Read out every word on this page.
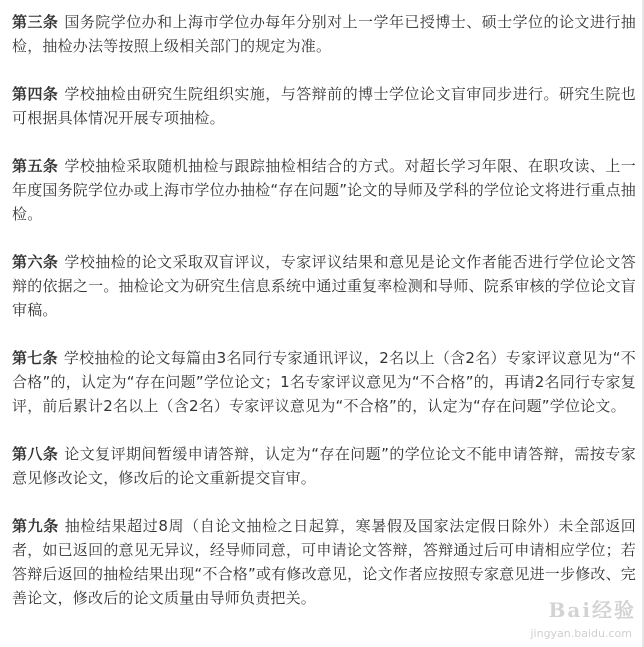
第三条 国务院学位办和上海市学位办每年分别对上一学年已授博士、硕士学位的论文进行抽检，抽检办法等按照上级相关部门的规定为准。

第四条 学校抽检由研究生院组织实施，与答辩前的博士学位论文盲审同步进行。研究生院也可根据具体情况开展专项抽检。

第五条 学校抽检采取随机抽检与跟踪抽检相结合的方式。对超长学习年限、在职攻读、上一年度国务院学位办或上海市学位办抽检“存在问题”论文的导师及学科的学位论文将进行重点抽检。

第六条 学校抽检的论文采取双盲评议，专家评议结果和意见是论文作者能否进行学位论文答辩的依据之一。抽检论文为研究生信息系统中通过重复率检测和导师、院系审核的学位论文盲审稿。

第七条 学校抽检的论文每篇由3名同行专家通讯评议，2名以上（含2名）专家评议意见为“不合格”的，认定为“存在问题”学位论文；1名专家评议意见为“不合格”的，再请2名同行专家复评，前后累计2名以上（含2名）专家评议意见为“不合格”的，认定为“存在问题”学位论文。

第八条 论文复评期间暂缓申请答辩，认定为“存在问题”的学位论文不能申请答辩，需按专家意见修改论文，修改后的论文重新提交盲审。

第九条 抽检结果超过8周（自论文抽检之日起算，寒暑假及国家法定假日除外）未全部返回者，如已返回的意见无异议，经导师同意，可申请论文答辩，答辩通过后可申请相应学位；若答辩后返回的抽检结果出现“不合格”或有修改意见，论文作者应按照专家意见进一步修改、完善论文，修改后的论文质量由导师负责把关。	Bai经验
jingyan.baidu.com
